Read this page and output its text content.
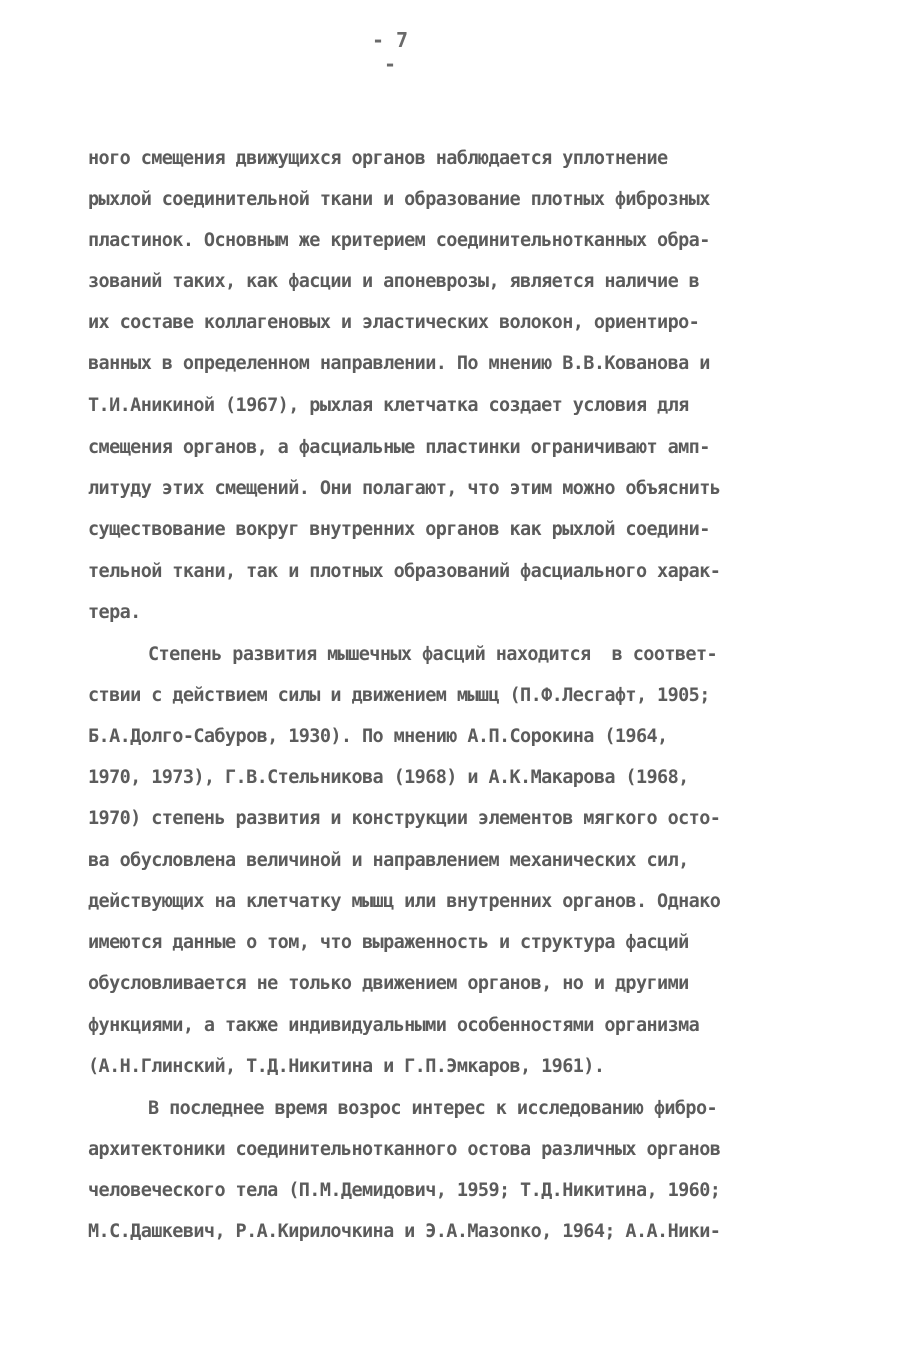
- 7 -
ного смещения движущихся органов наблюдается уплотнение
рыхлой соединительной ткани и образование плотных фиброзных
пластинок. Основным же критерием соединительнотканных обра-
зований таких, как фасции и апоневрозы, является наличие в
их составе коллагеновых и эластических волокон, ориентиро-
ванных в определенном направлении. По мнению В.В.Кованова и
Т.И.Аникиной (1967), рыхлая клетчатка создает условия для
смещения органов, а фасциальные пластинки ограничивают амп-
литуду этих смещений. Они полагают, что этим можно объяснить
существование вокруг внутренних органов как рыхлой соедини-
тельной ткани, так и плотных образований фасциального харак-
тера.
Степень развития мышечных фасций находится  в соответ-
ствии с действием силы и движением мышц (П.Ф.Лесгафт, 1905;
Б.А.Долго-Сабуров, 1930). По мнению А.П.Сорокина (1964,
1970, 1973), Г.В.Стельникова (1968) и А.К.Макарова (1968,
1970) степень развития и конструкции элементов мягкого осто-
ва обусловлена величиной и направлением механических сил,
действующих на клетчатку мышц или внутренних органов. Однако
имеются данные о том, что выраженность и структура фасций
обусловливается не только движением органов, но и другими
функциями, а также индивидуальными особенностями организма
(А.Н.Глинский, Т.Д.Никитина и Г.П.Эмкаров, 1961).
В последнее время возрос интерес к исследованию фибро-
архитектоники соединительнотканного остова различных органов
человеческого тела (П.М.Демидович, 1959; Т.Д.Никитина, 1960;
М.С.Дашкевич, Р.А.Кирилочкина и Э.А.Мазоnко, 1964; А.А.Ники-
